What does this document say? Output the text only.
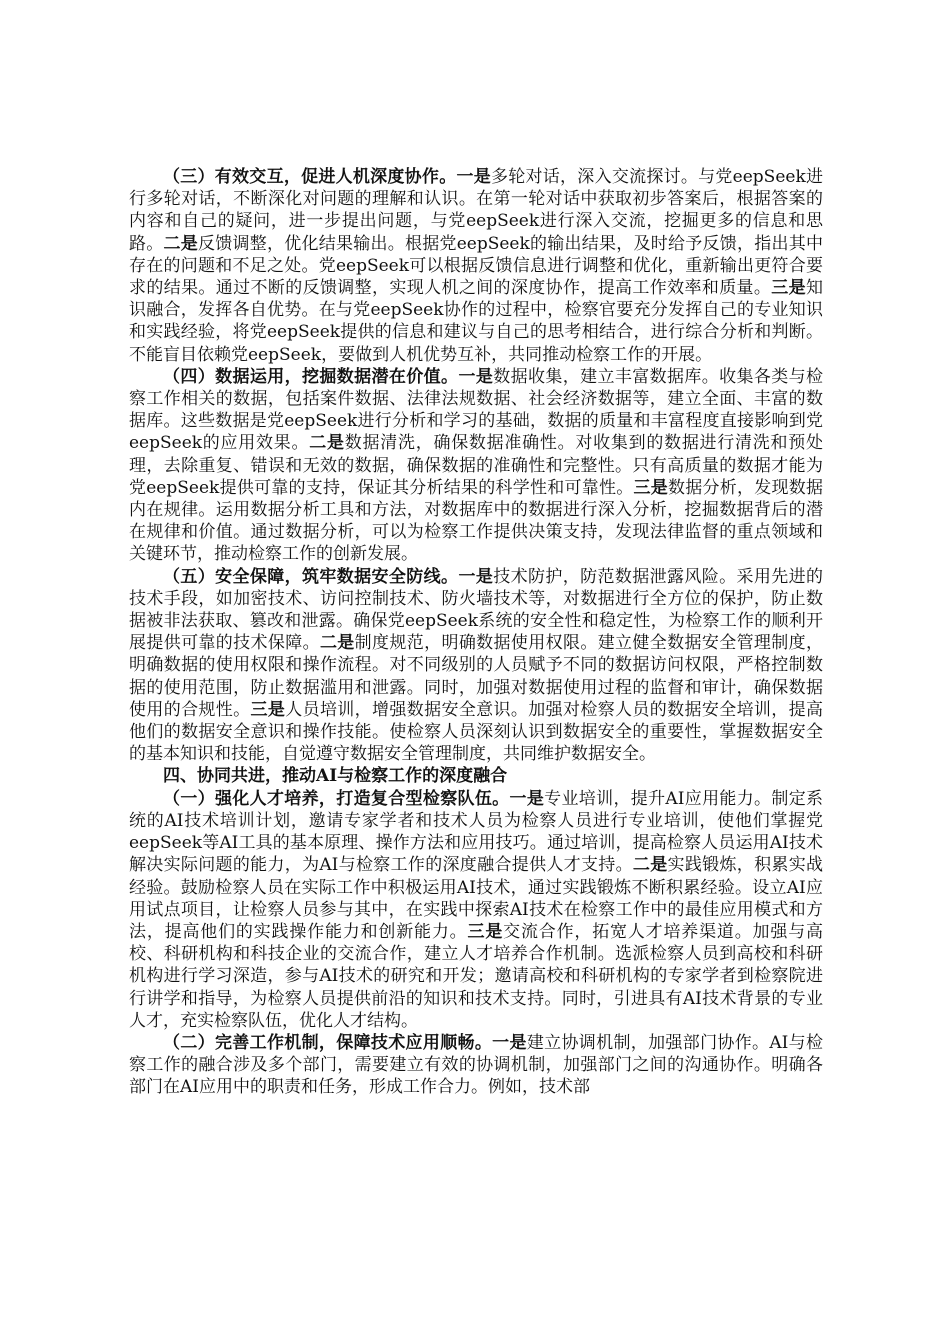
（三）有效交互，促进人机深度协作。一是多轮对话，深入交流探讨。与党eepSeek进行多轮对话，不断深化对问题的理解和认识。在第一轮对话中获取初步答案后，根据答案的内容和自己的疑问，进一步提出问题，与党eepSeek进行深入交流，挖掘更多的信息和思路。二是反馈调整，优化结果输出。根据党eepSeek的输出结果，及时给予反馈，指出其中存在的问题和不足之处。党eepSeek可以根据反馈信息进行调整和优化，重新输出更符合要求的结果。通过不断的反馈调整，实现人机之间的深度协作，提高工作效率和质量。三是知识融合，发挥各自优势。在与党eepSeek协作的过程中，检察官要充分发挥自己的专业知识和实践经验，将党eepSeek提供的信息和建议与自己的思考相结合，进行综合分析和判断。不能盲目依赖党eepSeek，要做到人机优势互补，共同推动检察工作的开展。

（四）数据运用，挖掘数据潜在价值。一是数据收集，建立丰富数据库。收集各类与检察工作相关的数据，包括案件数据、法律法规数据、社会经济数据等，建立全面、丰富的数据库。这些数据是党eepSeek进行分析和学习的基础，数据的质量和丰富程度直接影响到党eepSeek的应用效果。二是数据清洗，确保数据准确性。对收集到的数据进行清洗和预处理，去除重复、错误和无效的数据，确保数据的准确性和完整性。只有高质量的数据才能为党eepSeek提供可靠的支持，保证其分析结果的科学性和可靠性。三是数据分析，发现数据内在规律。运用数据分析工具和方法，对数据库中的数据进行深入分析，挖掘数据背后的潜在规律和价值。通过数据分析，可以为检察工作提供决策支持，发现法律监督的重点领域和关键环节，推动检察工作的创新发展。

（五）安全保障，筑牢数据安全防线。一是技术防护，防范数据泄露风险。采用先进的技术手段，如加密技术、访问控制技术、防火墙技术等，对数据进行全方位的保护，防止数据被非法获取、篡改和泄露。确保党eepSeek系统的安全性和稳定性，为检察工作的顺利开展提供可靠的技术保障。二是制度规范，明确数据使用权限。建立健全数据安全管理制度，明确数据的使用权限和操作流程。对不同级别的人员赋予不同的数据访问权限，严格控制数据的使用范围，防止数据滥用和泄露。同时，加强对数据使用过程的监督和审计，确保数据使用的合规性。三是人员培训，增强数据安全意识。加强对检察人员的数据安全培训，提高他们的数据安全意识和操作技能。使检察人员深刻认识到数据安全的重要性，掌握数据安全的基本知识和技能，自觉遵守数据安全管理制度，共同维护数据安全。

四、协同共进，推动AI与检察工作的深度融合

（一）强化人才培养，打造复合型检察队伍。一是专业培训，提升AI应用能力。制定系统的AI技术培训计划，邀请专家学者和技术人员为检察人员进行专业培训，使他们掌握党eepSeek等AI工具的基本原理、操作方法和应用技巧。通过培训，提高检察人员运用AI技术解决实际问题的能力，为AI与检察工作的深度融合提供人才支持。二是实践锻炼，积累实战经验。鼓励检察人员在实际工作中积极运用AI技术，通过实践锻炼不断积累经验。设立AI应用试点项目，让检察人员参与其中，在实践中探索AI技术在检察工作中的最佳应用模式和方法，提高他们的实践操作能力和创新能力。三是交流合作，拓宽人才培养渠道。加强与高校、科研机构和科技企业的交流合作，建立人才培养合作机制。选派检察人员到高校和科研机构进行学习深造，参与AI技术的研究和开发；邀请高校和科研机构的专家学者到检察院进行讲学和指导，为检察人员提供前沿的知识和技术支持。同时，引进具有AI技术背景的专业人才，充实检察队伍，优化人才结构。

（二）完善工作机制，保障技术应用顺畅。一是建立协调机制，加强部门协作。AI与检察工作的融合涉及多个部门，需要建立有效的协调机制，加强部门之间的沟通协作。明确各部门在AI应用中的职责和任务，形成工作合力。例如，技术部
